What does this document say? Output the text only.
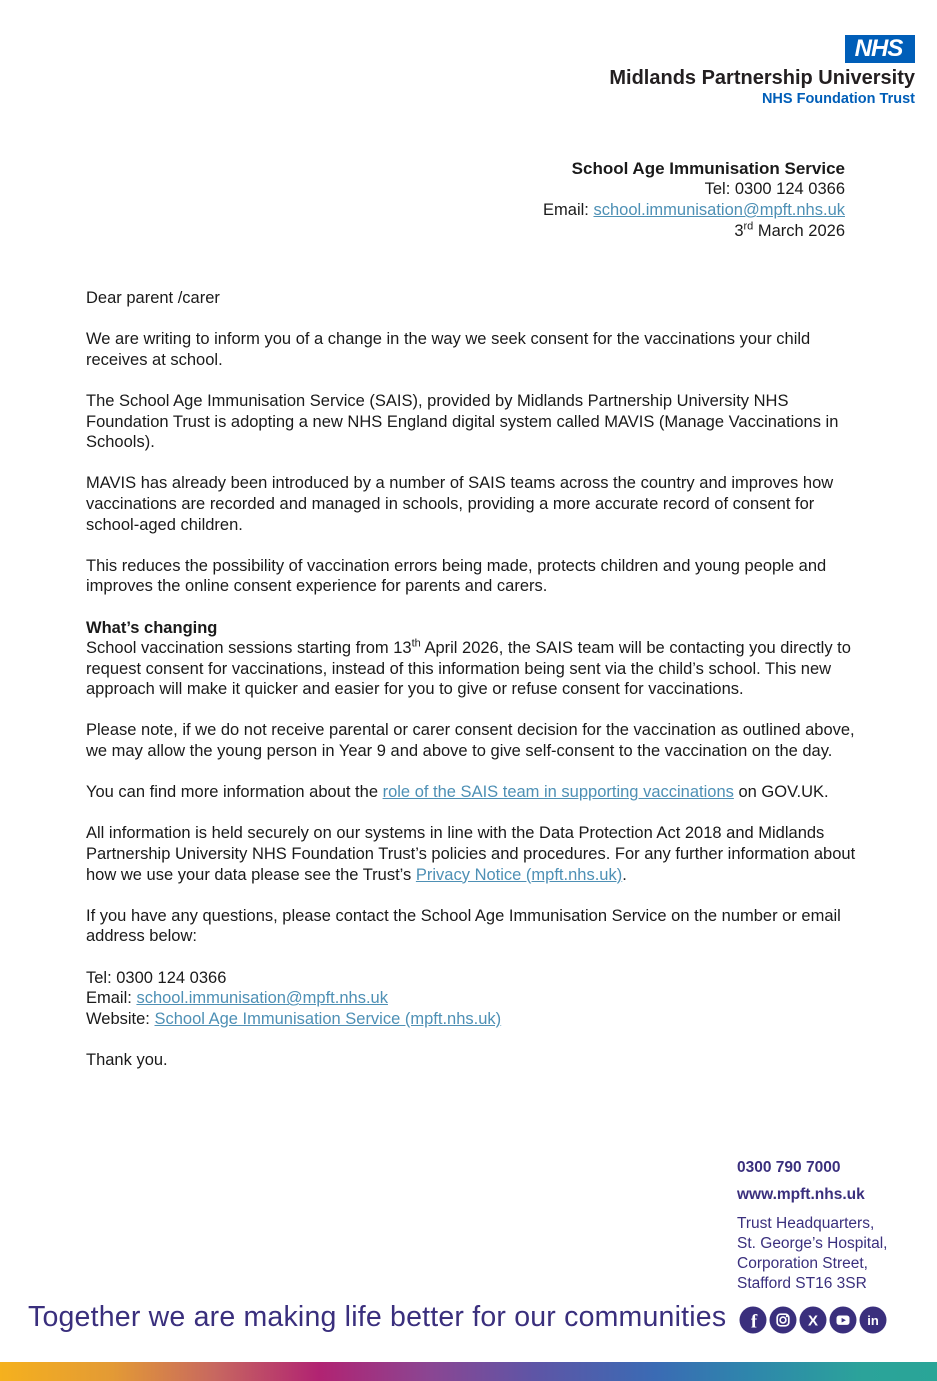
NHS
Midlands Partnership University
NHS Foundation Trust
School Age Immunisation Service
Tel: 0300 124 0366
Email: school.immunisation@mpft.nhs.uk
3rd March 2026

Dear parent /carer

We are writing to inform you of a change in the way we seek consent for the vaccinations your child receives at school.

The School Age Immunisation Service (SAIS), provided by Midlands Partnership University NHS Foundation Trust is adopting a new NHS England digital system called MAVIS (Manage Vaccinations in Schools).

MAVIS has already been introduced by a number of SAIS teams across the country and improves how vaccinations are recorded and managed in schools, providing a more accurate record of consent for school-aged children.

This reduces the possibility of vaccination errors being made, protects children and young people and improves the online consent experience for parents and carers.

What’s changing

School vaccination sessions starting from 13th April 2026, the SAIS team will be contacting you directly to request consent for vaccinations, instead of this information being sent via the child’s school. This new approach will make it quicker and easier for you to give or refuse consent for vaccinations.

Please note, if we do not receive parental or carer consent decision for the vaccination as outlined above, we may allow the young person in Year 9 and above to give self-consent to the vaccination on the day.

You can find more information about the role of the SAIS team in supporting vaccinations on GOV.UK.

All information is held securely on our systems in line with the Data Protection Act 2018 and Midlands Partnership University NHS Foundation Trust’s policies and procedures. For any further information about how we use your data please see the Trust’s Privacy Notice (mpft.nhs.uk).

If you have any questions, please contact the School Age Immunisation Service on the number or email address below:

Tel: 0300 124 0366
Email: school.immunisation@mpft.nhs.uk
Website: School Age Immunisation Service (mpft.nhs.uk)

Thank you.

0300 790 7000
www.mpft.nhs.uk
Trust Headquarters,
St. George’s Hospital,
Corporation Street,
Stafford ST16 3SR
Together we are making life better for our communities f	X	in
